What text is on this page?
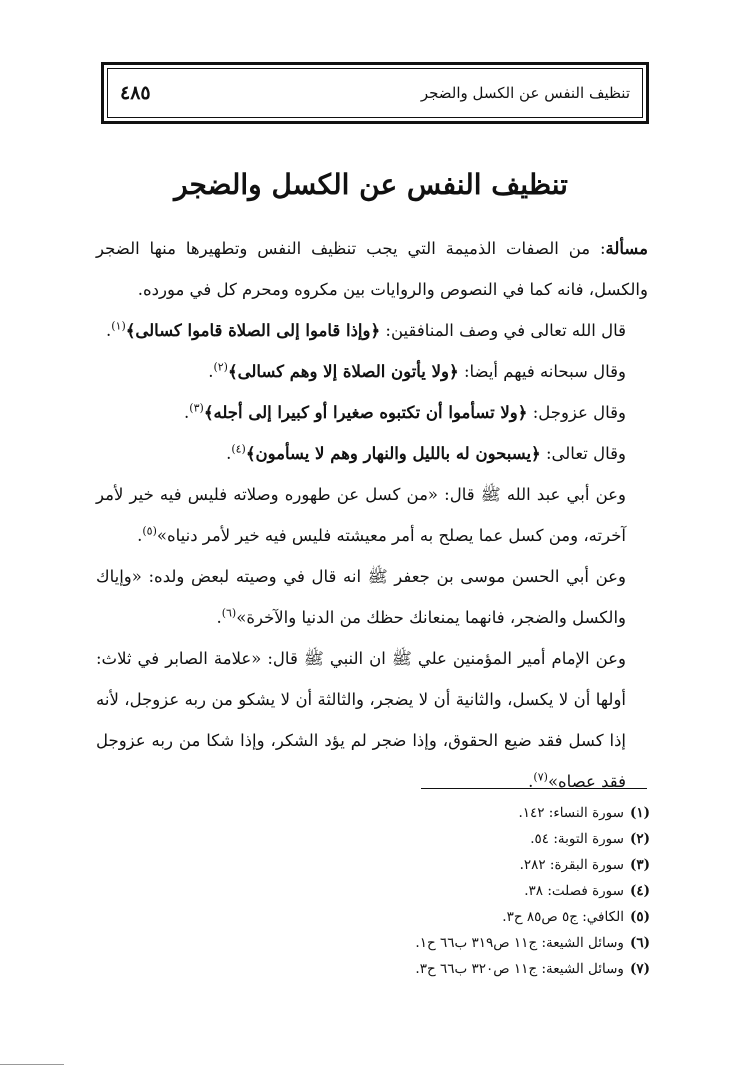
تنظيف النفس عن الكسل والضجر
٤٨٥
تنظيف النفس عن الكسل والضجر

مسألة: من الصفات الذميمة التي يجب تنظيف النفس وتطهيرها منها الضجر والكسل، فانه كما في النصوص والروايات بين مكروه ومحرم كل في مورده.

قال الله تعالى في وصف المنافقين: ﴿وإذا قاموا إلى الصلاة قاموا كسالى﴾$^{(١)}$.

وقال سبحانه فيهم أيضا: ﴿ولا يأتون الصلاة إلا وهم كسالى﴾$^{(٢)}$.

وقال عزوجل: ﴿ولا تسأموا أن تكتبوه صغيرا أو كبيرا إلى أجله﴾$^{(٣)}$.

وقال تعالى: ﴿يسبحون له بالليل والنهار وهم لا يسأمون﴾$^{(٤)}$.

وعن أبي عبد الله ﷺ قال: «من كسل عن طهوره وصلاته فليس فيه خير لأمر آخرته، ومن كسل عما يصلح به أمر معيشته فليس فيه خير لأمر دنياه»$^{(٥)}$.

وعن أبي الحسن موسى بن جعفر ﷺ انه قال في وصيته لبعض ولده: «وإياك والكسل والضجر، فانهما يمنعانك حظك من الدنيا والآخرة»$^{(٦)}$.

وعن الإمام أمير المؤمنين علي ﷺ ان النبي ﷺ قال: «علامة الصابر في ثلاث: أولها أن لا يكسل، والثانية أن لا يضجر، والثالثة أن لا يشكو من ربه عزوجل، لأنه إذا كسل فقد ضيع الحقوق، وإذا ضجر لم يؤد الشكر، وإذا شكا من ربه عزوجل فقد عصاه»$^{(٧)}$.

(١)سورة النساء: ١٤٢.
(٢)سورة التوبة: ٥٤.
(٣)سورة البقرة: ٢٨٢.
(٤)سورة فصلت: ٣٨.
(٥)الكافي: ج٥ ص٨٥ ح٣.
(٦)وسائل الشيعة: ج١١ ص٣١٩ ب٦٦ ح١.
(٧)وسائل الشيعة: ج١١ ص٣٢٠ ب٦٦ ح٣.
